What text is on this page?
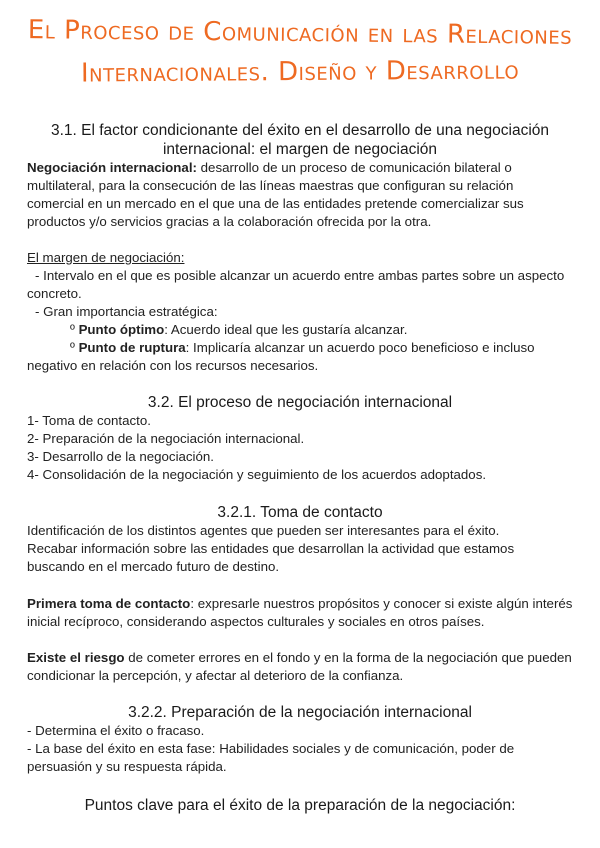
El Proceso de Comunicación en las Relaciones
Internacionales. Diseño y Desarrollo
3.1. El factor condicionante del éxito en el desarrollo de una negociación
internacional: el margen de negociación

Negociación internacional: desarrollo de un proceso de comunicación bilateral o

multilateral, para la consecución de las líneas maestras que configuran su relación

comercial en un mercado en el que una de las entidades pretende comercializar sus

productos y/o servicios gracias a la colaboración ofrecida por la otra.

El margen de negociación:

- Intervalo en el que es posible alcanzar un acuerdo entre ambas partes sobre un aspecto

concreto.

- Gran importancia estratégica:

º Punto óptimo: Acuerdo ideal que les gustaría alcanzar.

º Punto de ruptura: Implicaría alcanzar un acuerdo poco beneficioso e incluso

negativo en relación con los recursos necesarios.

3.2. El proceso de negociación internacional

1- Toma de contacto.

2- Preparación de la negociación internacional.

3- Desarrollo de la negociación.

4- Consolidación de la negociación y seguimiento de los acuerdos adoptados.

3.2.1. Toma de contacto

Identificación de los distintos agentes que pueden ser interesantes para el éxito.

Recabar información sobre las entidades que desarrollan la actividad que estamos

buscando en el mercado futuro de destino.

Primera toma de contacto: expresarle nuestros propósitos y conocer si existe algún interés

inicial recíproco, considerando aspectos culturales y sociales en otros países.

Existe el riesgo de cometer errores en el fondo y en la forma de la negociación que pueden

condicionar la percepción, y afectar al deterioro de la confianza.

3.2.2. Preparación de la negociación internacional

- Determina el éxito o fracaso.

- La base del éxito en esta fase: Habilidades sociales y de comunicación, poder de

persuasión y su respuesta rápida.

Puntos clave para el éxito de la preparación de la negociación:
